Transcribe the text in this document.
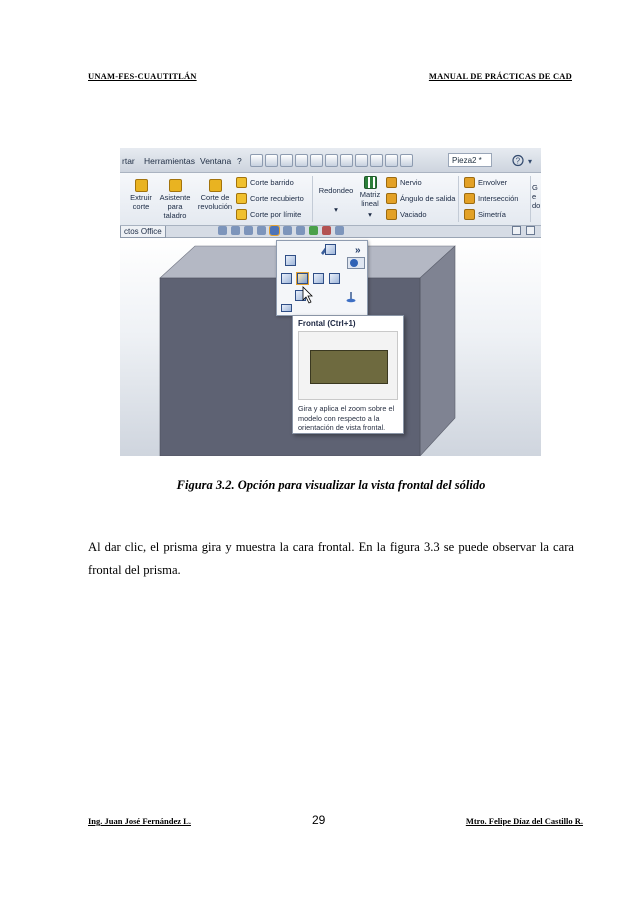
UNAM-FES-CUAUTITLÁN	MANUAL DE PRÁCTICAS DE CAD
rtar Herramientas Ventana ?	Pieza2 *	? ▾
Extruir corte
Asistente para taladro
Corte de revolución
Corte barrido
Corte recubierto
Corte por límite
Redondeo
▾
Matriz lineal
▾
Nervio
Ángulo de salida
Vaciado
Envolver
Intersección
Simetría
Ge do
ctos Office
»
Frontal (Ctrl+1)
Gira y aplica el zoom sobre el modelo con respecto a la orientación de vista frontal.
Figura 3.2. Opción para visualizar la vista frontal del sólido
Al dar clic, el prisma gira y muestra la cara frontal. En la figura 3.3 se puede observar la cara
frontal del prisma.
Ing. Juan José Fernández L.	29	Mtro. Felipe Díaz del Castillo R.
